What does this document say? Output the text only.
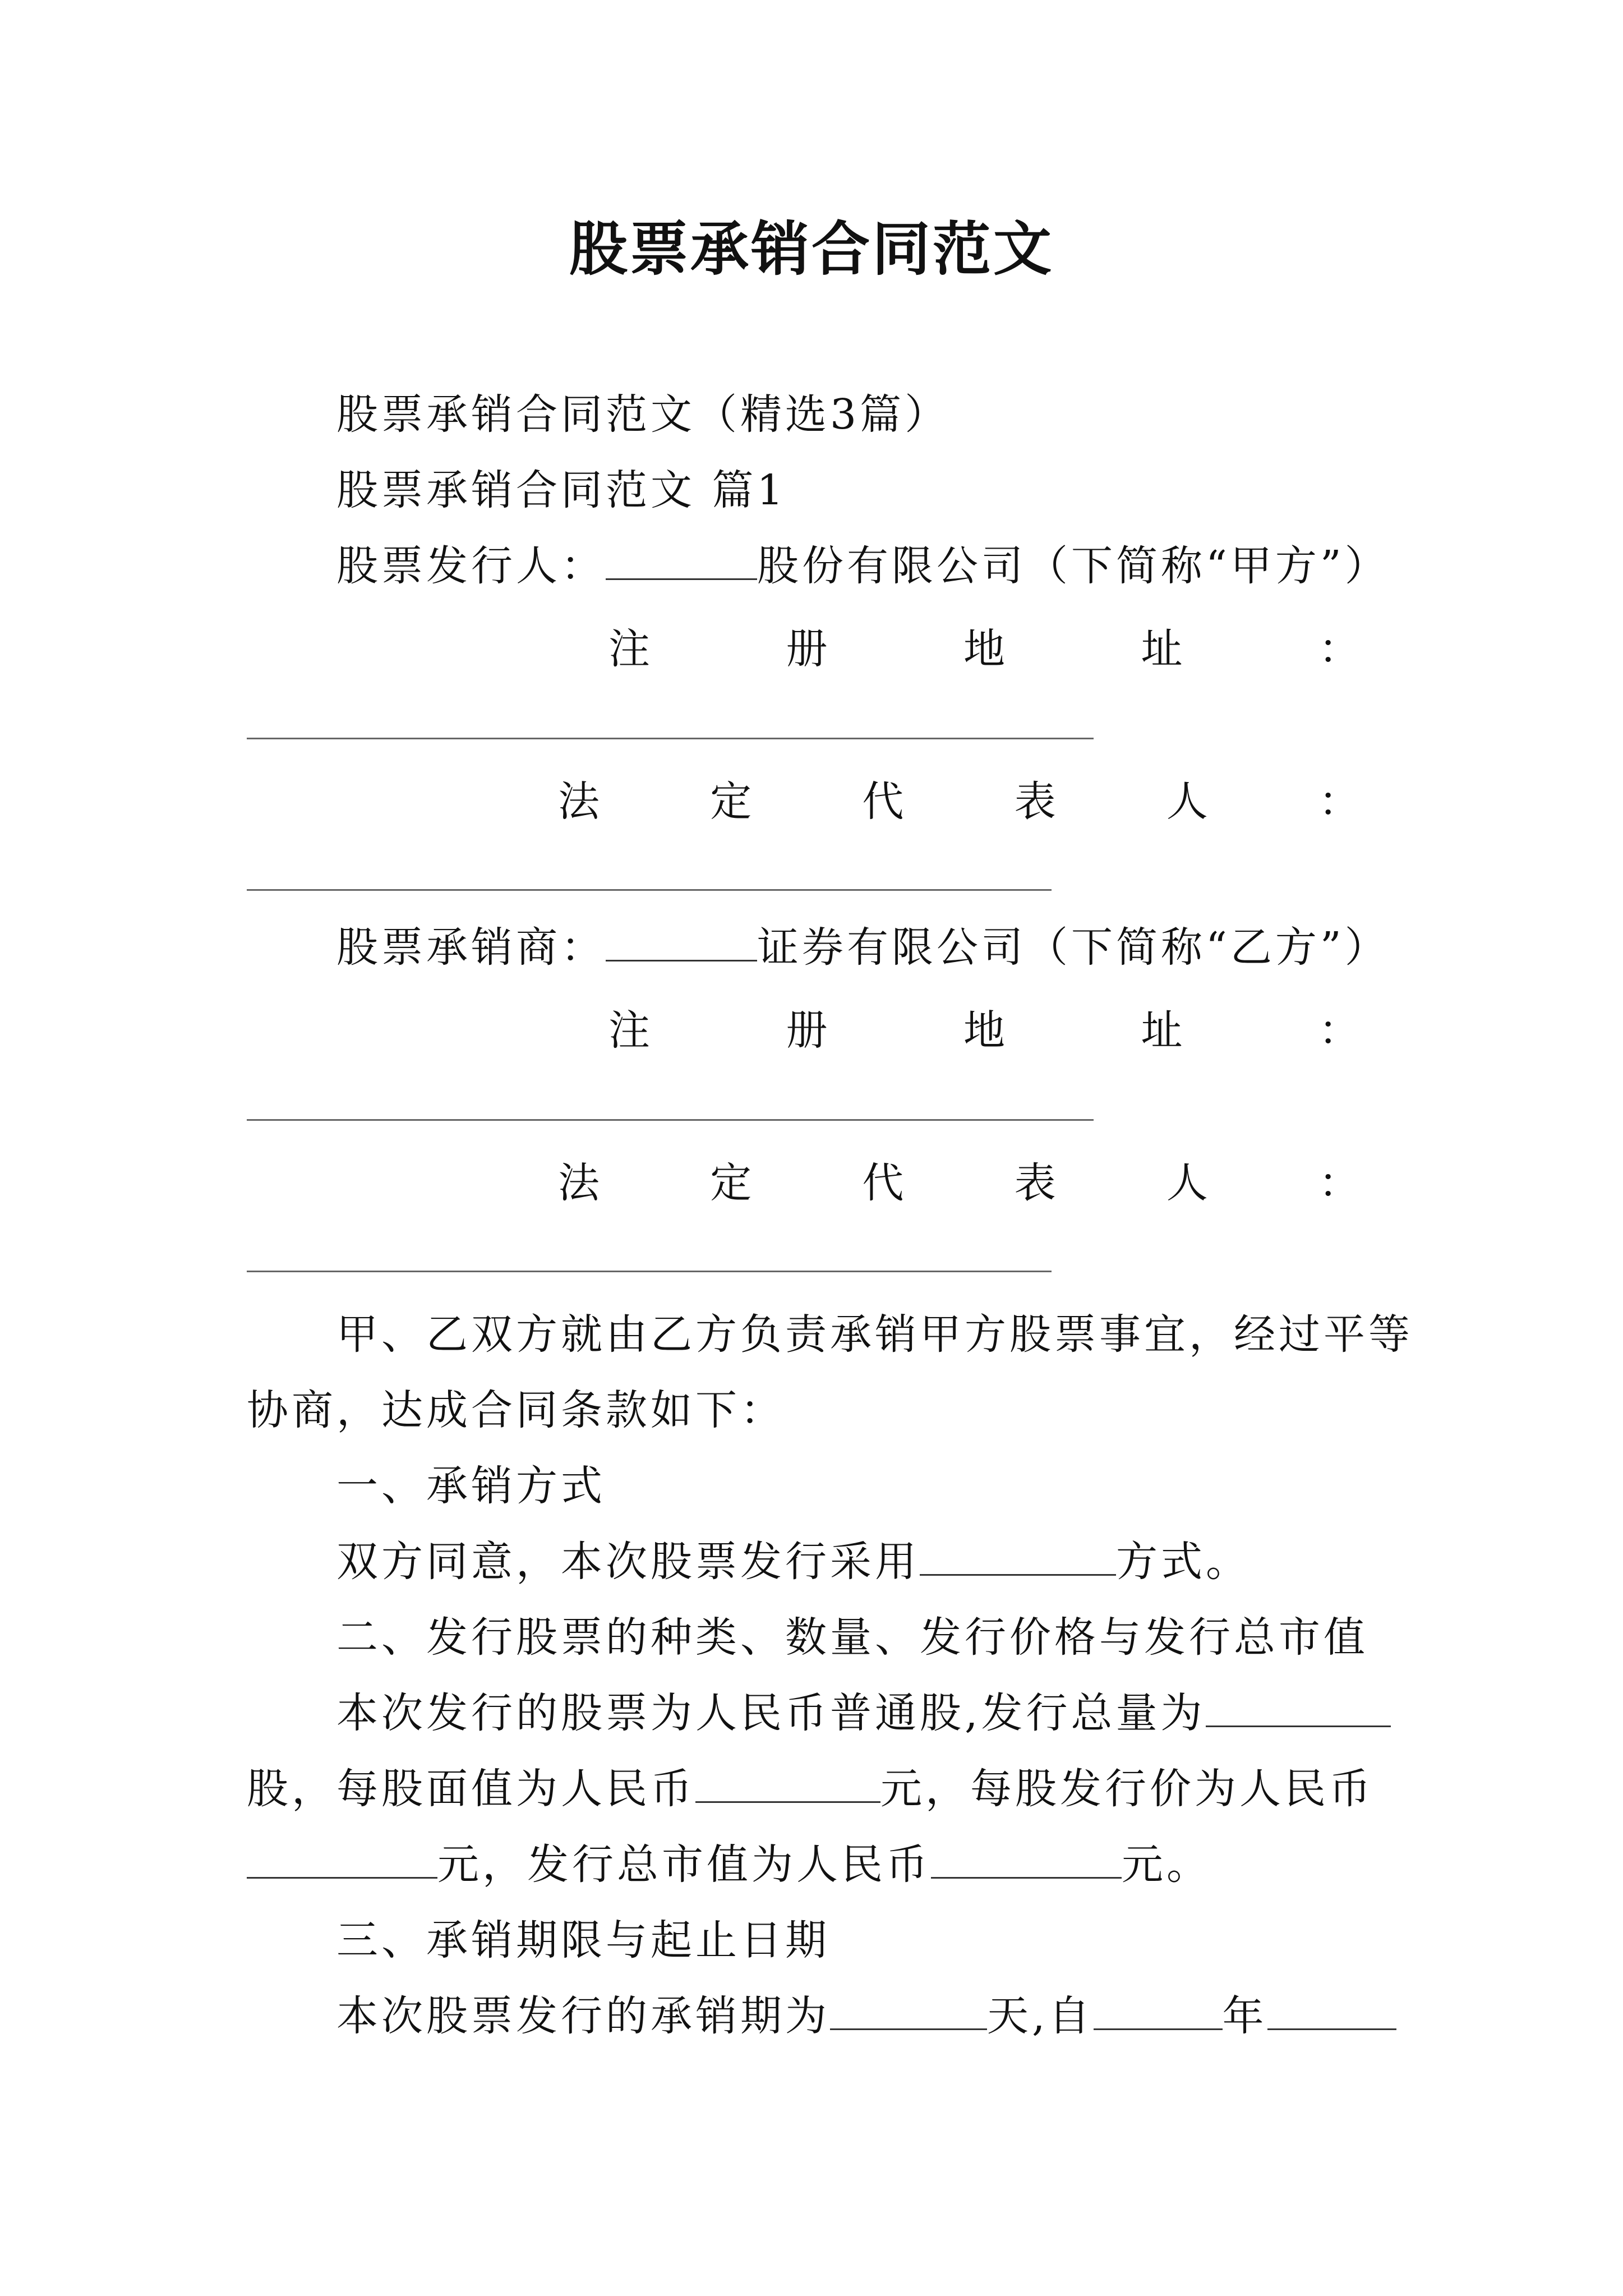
股票承销合同范文
股票承销合同范文（精选3篇）
股票承销合同范文 篇1
股票发行人：	股份有限公司（下简称“甲方”）
注	册	地	址	：
法	定	代	表	人	：
股票承销商：	证券有限公司（下简称“乙方”）
注	册	地	址	：
法	定	代	表	人	：
甲、乙双方就由乙方负责承销甲方股票事宜，经过平等
协商，达成合同条款如下：
一、承销方式
双方同意，本次股票发行采用	方式。
二、发行股票的种类、数量、发行价格与发行总市值
本次发行的股票为人民币普通股,发行总量为
股，每股面值为人民币	元，每股发行价为人民币
元，发行总市值为人民币	元。
三、承销期限与起止日期
本次股票发行的承销期为	天,自	年
